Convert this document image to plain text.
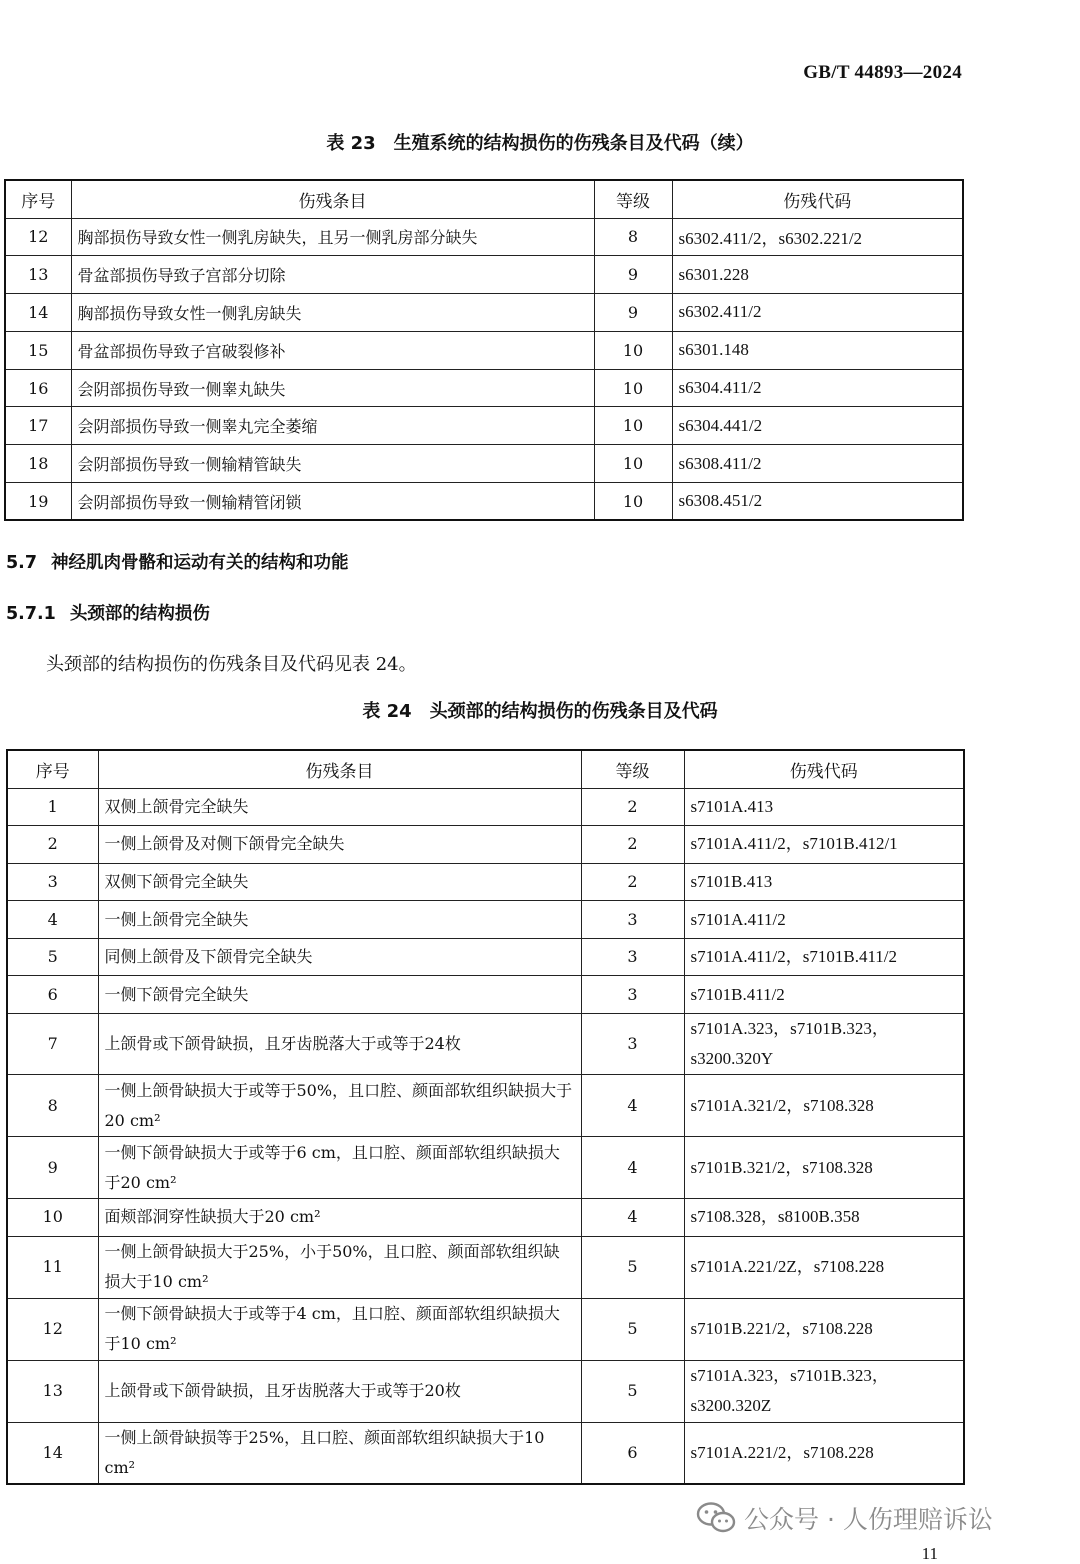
GB/T 44893—2024
表 23　生殖系统的结构损伤的伤残条目及代码（续）
序号	伤残条目	等级	伤残代码
12	胸部损伤导致女性一侧乳房缺失，且另一侧乳房部分缺失	8	s6302.411/2，s6302.221/2
13	骨盆部损伤导致子宫部分切除	9	s6301.228
14	胸部损伤导致女性一侧乳房缺失	9	s6302.411/2
15	骨盆部损伤导致子宫破裂修补	10	s6301.148
16	会阴部损伤导致一侧睾丸缺失	10	s6304.411/2
17	会阴部损伤导致一侧睾丸完全萎缩	10	s6304.441/2
18	会阴部损伤导致一侧输精管缺失	10	s6308.411/2
19	会阴部损伤导致一侧输精管闭锁	10	s6308.451/2
5.7 神经肌肉骨骼和运动有关的结构和功能
5.7.1 头颈部的结构损伤
头颈部的结构损伤的伤残条目及代码见表 24。
表 24　头颈部的结构损伤的伤残条目及代码
序号	伤残条目	等级	伤残代码
1	双侧上颌骨完全缺失	2	s7101A.413
2	一侧上颌骨及对侧下颌骨完全缺失	2	s7101A.411/2，s7101B.412/1
3	双侧下颌骨完全缺失	2	s7101B.413
4	一侧上颌骨完全缺失	3	s7101A.411/2
5	同侧上颌骨及下颌骨完全缺失	3	s7101A.411/2，s7101B.411/2
6	一侧下颌骨完全缺失	3	s7101B.411/2
7	上颌骨或下颌骨缺损，且牙齿脱落大于或等于24枚	3	s7101A.323，s7101B.323，s3200.320Y
8	一侧上颌骨缺损大于或等于50%，且口腔、颜面部软组织缺损大于20 cm²	4	s7101A.321/2，s7108.328
9	一侧下颌骨缺损大于或等于6 cm，且口腔、颜面部软组织缺损大于20 cm²	4	s7101B.321/2，s7108.328
10	面颊部洞穿性缺损大于20 cm²	4	s7108.328，s8100B.358
11	一侧上颌骨缺损大于25%，小于50%，且口腔、颜面部软组织缺损大于10 cm²	5	s7101A.221/2Z，s7108.228
12	一侧下颌骨缺损大于或等于4 cm，且口腔、颜面部软组织缺损大于10 cm²	5	s7101B.221/2，s7108.228
13	上颌骨或下颌骨缺损，且牙齿脱落大于或等于20枚	5	s7101A.323，s7101B.323，s3200.320Z
14	一侧上颌骨缺损等于25%，且口腔、颜面部软组织缺损大于10 cm²	6	s7101A.221/2，s7108.228
公众号 · 人伤理赔诉讼
11
